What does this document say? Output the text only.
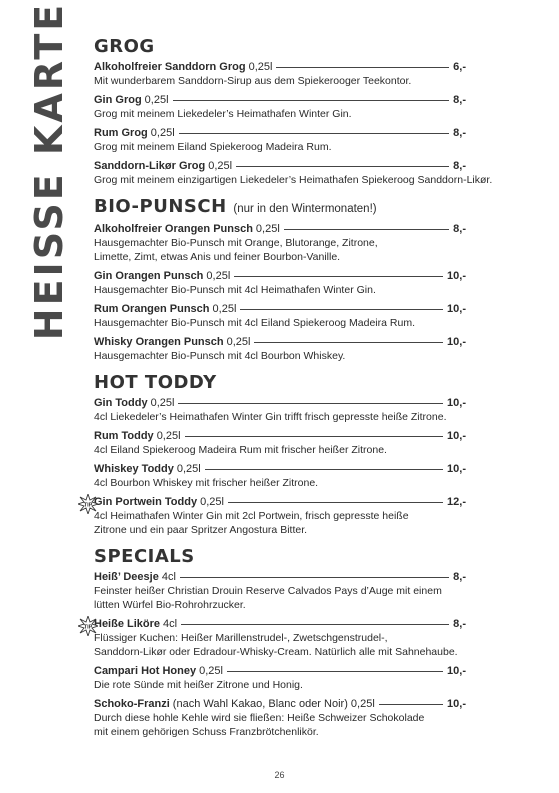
HEISSE KARTE GROG
Alkoholfreier Sanddorn Grog 0,25l	6,-
Mit wunderbarem Sanddorn-Sirup aus dem Spiekerooger Teekontor.
Gin Grog 0,25l	8,-
Grog mit meinem Liekedeler’s Heimathafen Winter Gin.
Rum Grog 0,25l	8,-
Grog mit meinem Eiland Spiekeroog Madeira Rum.
Sanddorn-Likør Grog 0,25l	8,-
Grog mit meinem einzigartigen Liekedeler’s Heimathafen Spiekeroog Sanddorn-Likør.
BIO-PUNSCH (nur in den Wintermonaten!)
Alkoholfreier Orangen Punsch 0,25l	8,-
Hausgemachter Bio-Punsch mit Orange, Blutorange, Zitrone,
Limette, Zimt, etwas Anis und feiner Bourbon-Vanille.
Gin Orangen Punsch 0,25l	10,-
Hausgemachter Bio-Punsch mit 4cl Heimathafen Winter Gin.
Rum Orangen Punsch 0,25l	10,-
Hausgemachter Bio-Punsch mit 4cl Eiland Spiekeroog Madeira Rum.
Whisky Orangen Punsch 0,25l	10,-
Hausgemachter Bio-Punsch mit 4cl Bourbon Whiskey.
HOT TODDY
Gin Toddy 0,25l	10,-
4cl Liekedeler’s Heimathafen Winter Gin trifft frisch gepresste heiße Zitrone.
Rum Toddy 0,25l	10,-
4cl Eiland Spiekeroog Madeira Rum mit frischer heißer Zitrone.
Whiskey Toddy 0,25l	10,-
4cl Bourbon Whiskey mit frischer heißer Zitrone.
TIP Gin Portwein Toddy 0,25l	12,-
4cl Heimathafen Winter Gin mit 2cl Portwein, frisch gepresste heiße
Zitrone und ein paar Spritzer Angostura Bitter.
SPECIALS
Heiß’ Deesje 4cl	8,-
Feinster heißer Christian Drouin Reserve Calvados Pays d’Auge mit einem
lütten Würfel Bio-Rohrohrzucker.
TIP Heiße Liköre 4cl	8,-
Flüssiger Kuchen: Heißer Marillenstrudel-, Zwetschgenstrudel-,
Sanddorn-Likør oder Edradour-Whisky-Cream. Natürlich alle mit Sahnehaube.
Campari Hot Honey 0,25l	10,-
Die rote Sünde mit heißer Zitrone und Honig.
Schoko-Franzi (nach Wahl Kakao, Blanc oder Noir) 0,25l	10,-
Durch diese hohle Kehle wird sie fließen: Heiße Schweizer Schokolade
mit einem gehörigen Schuss Franzbrötchenlikör.
26
